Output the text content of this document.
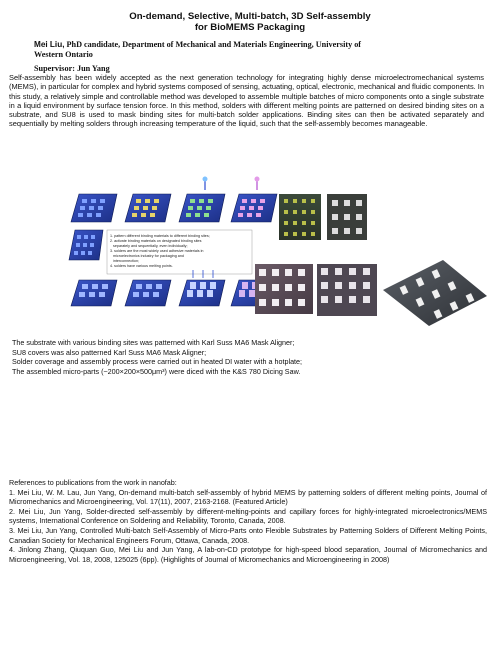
On-demand, Selective, Multi-batch, 3D Self-assembly
for BioMEMS Packaging
Mei Liu, PhD candidate, Department of Mechanical and Materials Engineering, University of
Western Ontario
Supervisor: Jun Yang
Self-assembly has been widely accepted as the next generation technology for integrating highly dense microelectromechanical systems (MEMS), in particular for complex and hybrid systems composed of sensing, actuating, optical, electronic, mechanical and fluidic components. In this study, a relatively simple and controllable method was developed to assemble multiple batches of micro components onto a single substrate in a liquid environment by surface tension force. In this method, solders with different melting points are patterned on desired binding sites on a substrate, and SU8 is used to mask binding sites for multi-batch solder applications. Binding sites can then be activated separately and sequentially by melting solders through increasing temperature of the liquid, such that the self-assembly becomes manageable.
1. pattern different binding materials to different binding sites;
2. activate binding materials on designated binding sites
separately and sequentially, even individually;
3. solders are the most widely used adhesive materials in
microelectronics industry for packaging and
interconnection;
4. solders have various melting points.
The substrate with various binding sites was patterned with Karl Suss MA6 Mask Aligner;
SU8 covers was also patterned Karl Suss MA6 Mask Aligner;
Solder coverage and assembly process were carried out in heated DI water with a hotplate;
The assembled micro-parts (~200×200×500μm³) were diced with the K&S 780 Dicing Saw.
References to publications from the work in nanofab:
1. Mei Liu, W. M. Lau, Jun Yang, On-demand multi-batch self-assembly of hybrid MEMS by patterning solders of different melting points, Journal of Micromechanics and Microengineering, Vol. 17(11), 2007, 2163-2168. (Featured Article)
2. Mei Liu, Jun Yang, Solder-directed self-assembly by different-melting-points and capillary forces for highly-integrated microelectronics/MEMS systems, International Conference on Soldering and Reliability, Toronto, Canada, 2008.
3. Mei Liu, Jun Yang, Controlled Multi-batch Self-Assembly of Micro-Parts onto Flexible Substrates by Patterning Solders of Different Melting Points, Canadian Society for Mechanical Engineers Forum, Ottawa, Canada, 2008.
4. Jinlong Zhang, Qiuquan Guo, Mei Liu and Jun Yang, A lab-on-CD prototype for high-speed blood separation, Journal of Micromechanics and Microengineering, Vol. 18, 2008, 125025 (6pp). (Highlights of Journal of Micromechanics and Microengineering in 2008)
